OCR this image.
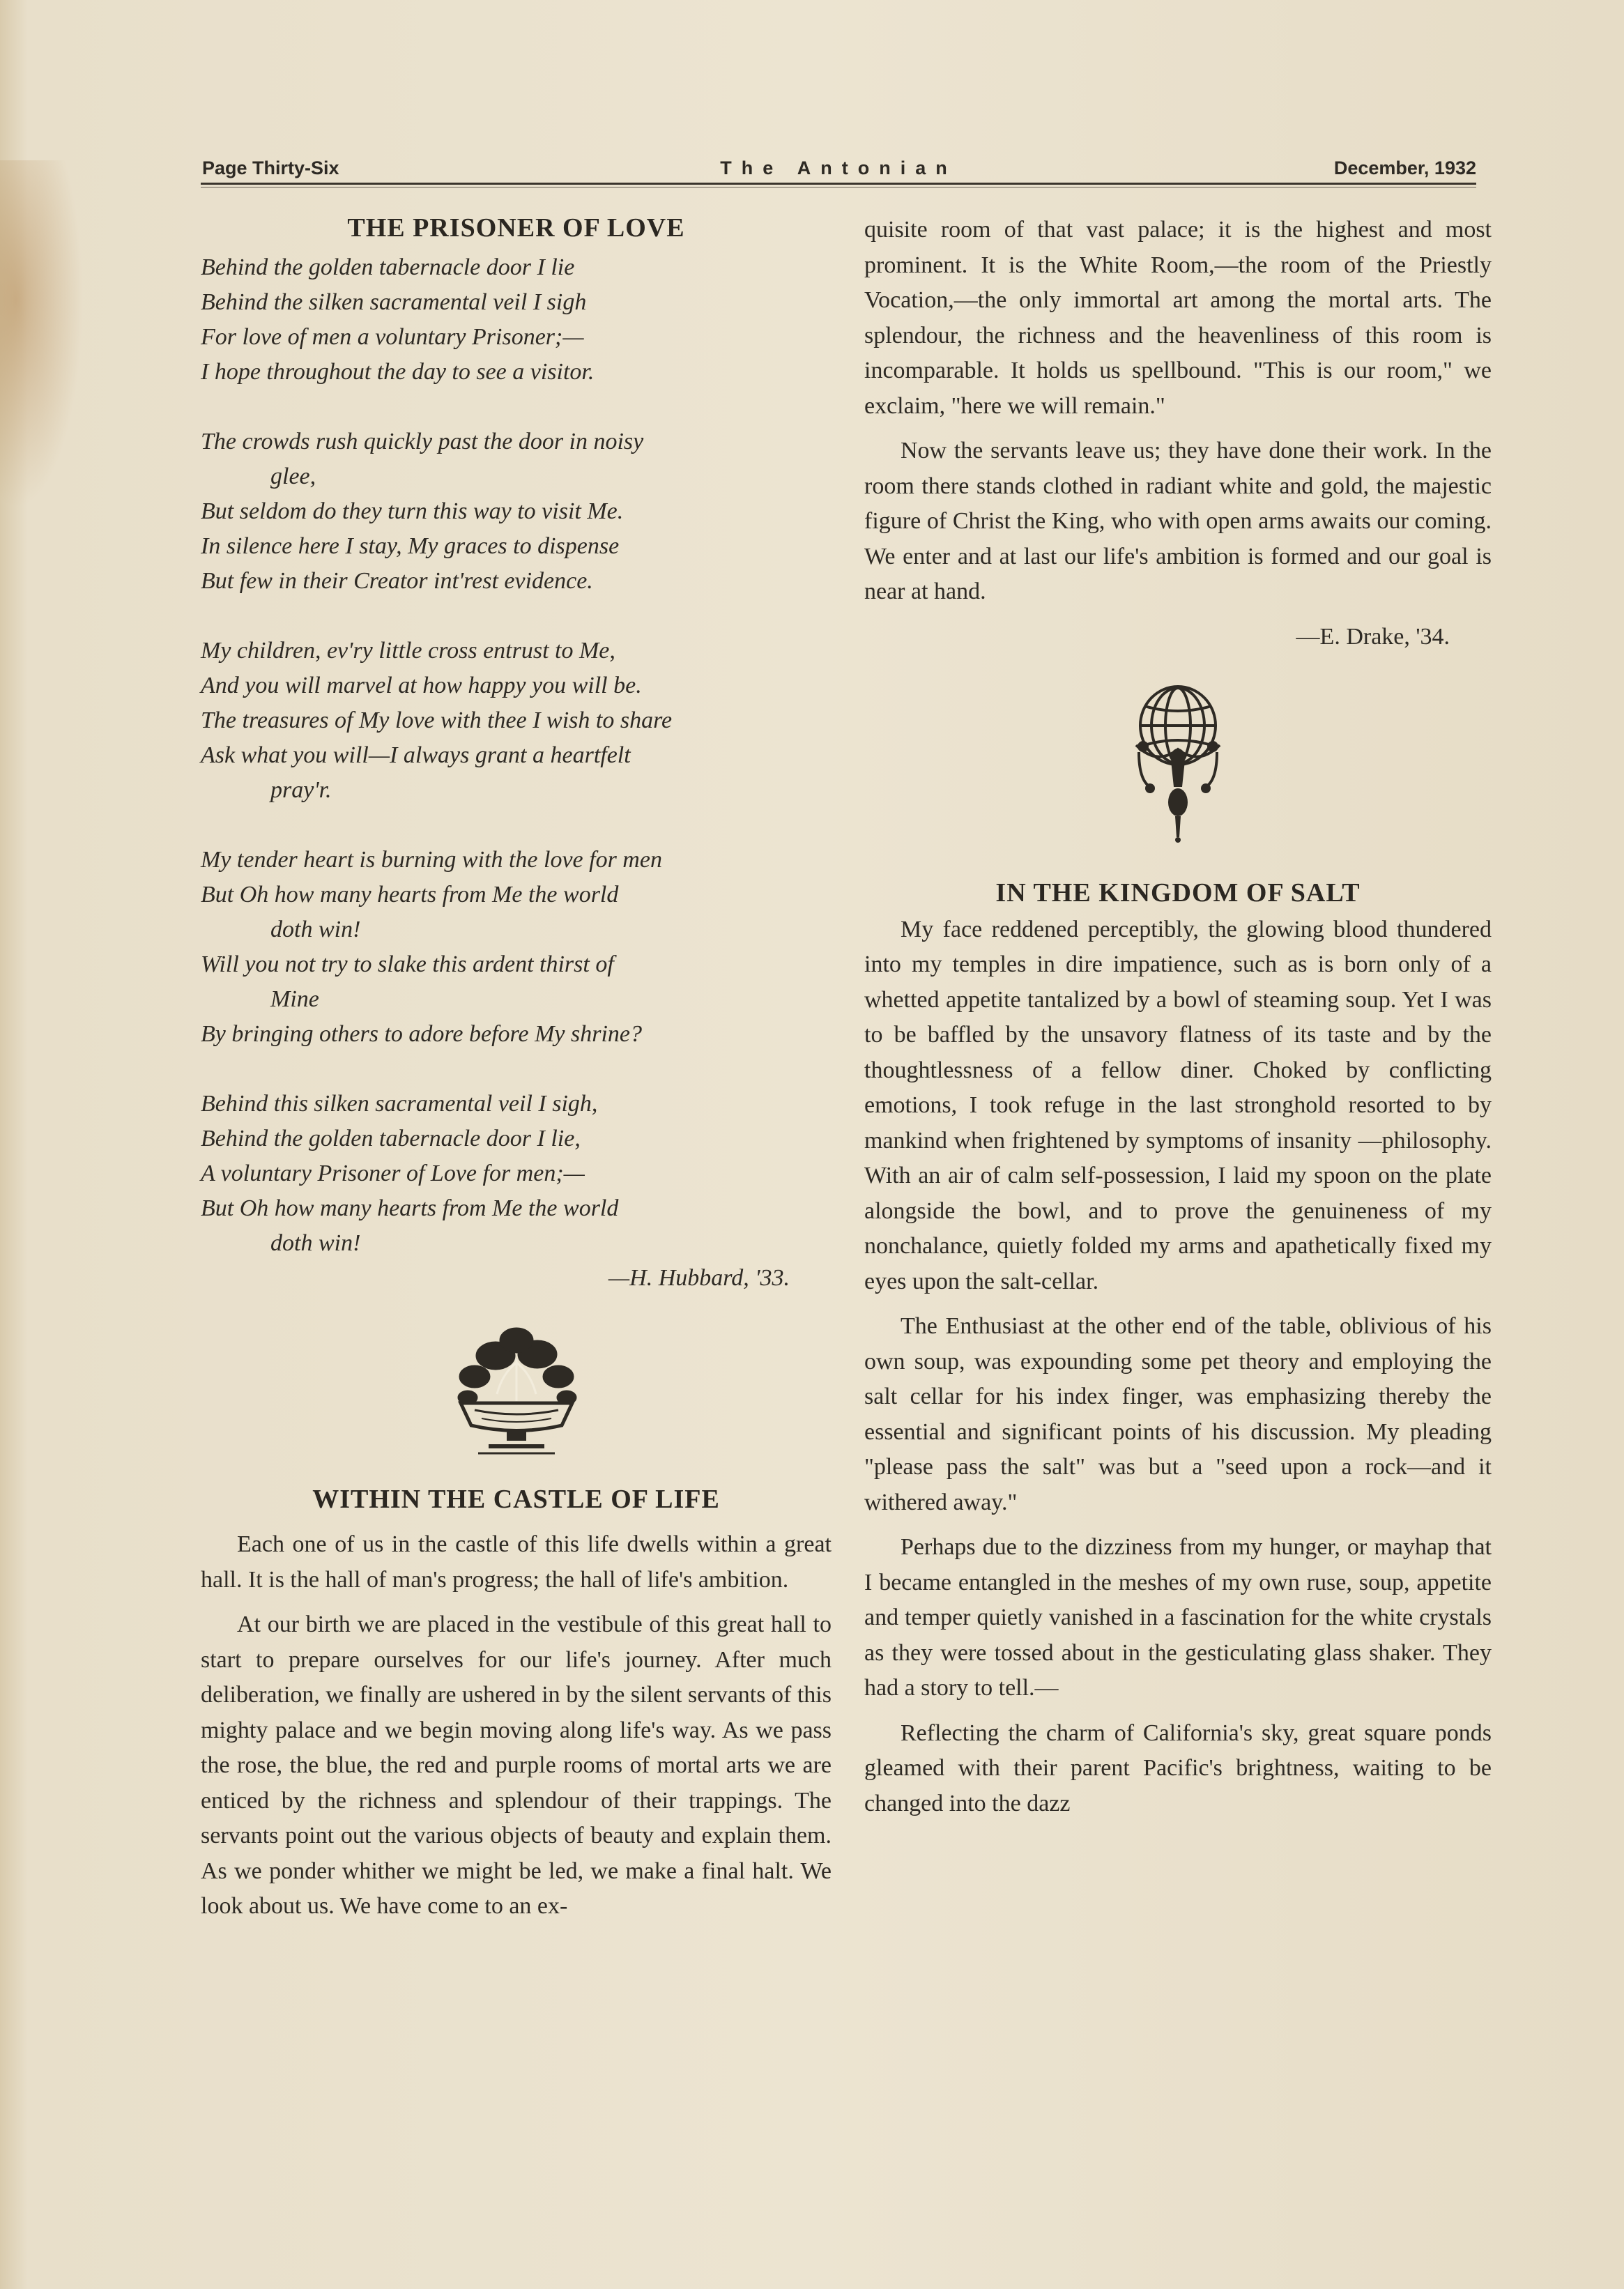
Page Thirty-Six	The Antonian	December, 1932
THE PRISONER OF LOVE
Behind the golden tabernacle door I lie
Behind the silken sacramental veil I sigh
For love of men a voluntary Prisoner;—
I hope throughout the day to see a visitor.
The crowds rush quickly past the door in noisy
glee,
But seldom do they turn this way to visit Me.
In silence here I stay, My graces to dispense
But few in their Creator int'rest evidence.
My children, ev'ry little cross entrust to Me,
And you will marvel at how happy you will be.
The treasures of My love with thee I wish to share
Ask what you will—I always grant a heartfelt
pray'r.
My tender heart is burning with the love for men
But Oh how many hearts from Me the world
doth win!
Will you not try to slake this ardent thirst of
Mine
By bringing others to adore before My shrine?
Behind this silken sacramental veil I sigh,
Behind the golden tabernacle door I lie,
A voluntary Prisoner of Love for men;—
But Oh how many hearts from Me the world
doth win!
—H. Hubbard, '33.
WITHIN THE CASTLE OF LIFE

Each one of us in the castle of this life dwells within a great hall. It is the hall of man's progress; the hall of life's ambition.

At our birth we are placed in the vestibule of this great hall to start to prepare ourselves for our life's journey. After much deliberation, we finally are ushered in by the silent servants of this mighty palace and we begin moving along life's way. As we pass the rose, the blue, the red and purple rooms of mortal arts we are enticed by the richness and splendour of their trappings. The servants point out the various objects of beauty and explain them. As we ponder whither we might be led, we make a final halt. We look about us. We have come to an ex-

quisite room of that vast palace; it is the highest and most prominent. It is the White Room,—the room of the Priestly Vocation,—the only immortal art among the mortal arts. The splendour, the richness and the heavenliness of this room is incomparable. It holds us spellbound. "This is our room," we exclaim, "here we will remain."

Now the servants leave us; they have done their work. In the room there stands clothed in radiant white and gold, the majestic figure of Christ the King, who with open arms awaits our coming. We enter and at last our life's ambition is formed and our goal is near at hand.

—E. Drake, '34.
IN THE KINGDOM OF SALT

My face reddened perceptibly, the glowing blood thundered into my temples in dire impatience, such as is born only of a whetted appetite tantalized by a bowl of steaming soup. Yet I was to be baffled by the unsavory flatness of its taste and by the thoughtlessness of a fellow diner. Choked by conflicting emotions, I took refuge in the last stronghold resorted to by mankind when frightened by symptoms of insanity —philosophy. With an air of calm self-possession, I laid my spoon on the plate alongside the bowl, and to prove the genuineness of my nonchalance, quietly folded my arms and apathetically fixed my eyes upon the salt-cellar.

The Enthusiast at the other end of the table, oblivious of his own soup, was expounding some pet theory and employing the salt cellar for his index finger, was emphasizing thereby the essential and significant points of his discussion. My pleading "please pass the salt" was but a "seed upon a rock—and it withered away."

Perhaps due to the dizziness from my hunger, or mayhap that I became entangled in the meshes of my own ruse, soup, appetite and temper quietly vanished in a fascination for the white crystals as they were tossed about in the gesticulating glass shaker. They had a story to tell.—

Reflecting the charm of California's sky, great square ponds gleamed with their parent Pacific's brightness, waiting to be changed into the dazz
